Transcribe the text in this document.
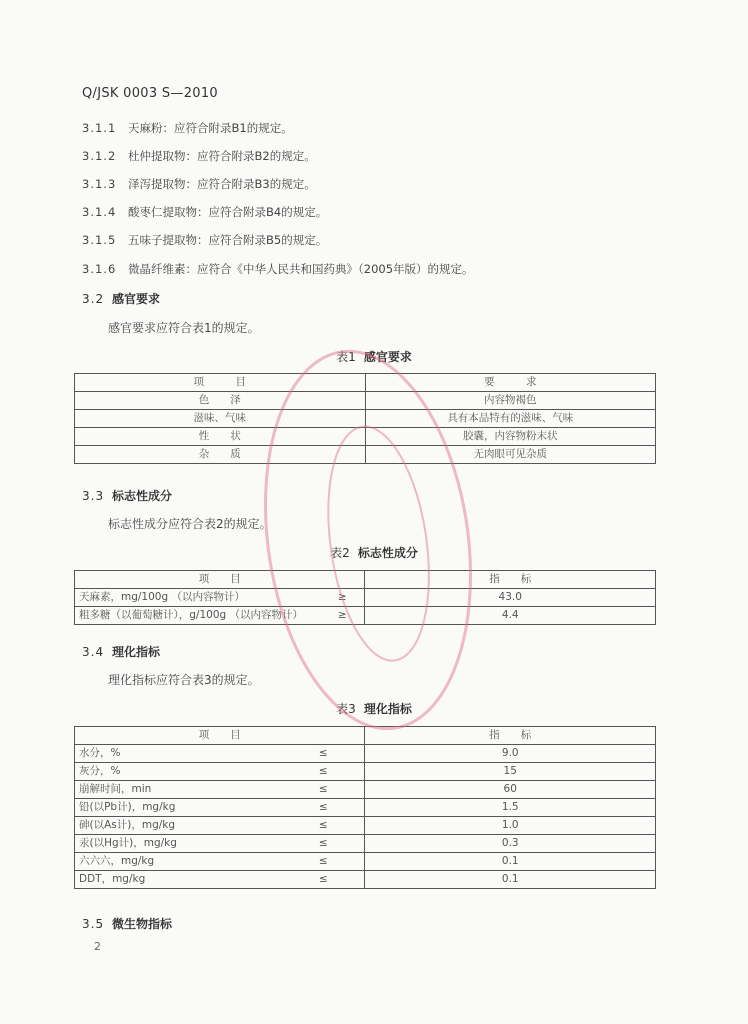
Q/JSK 0003 S—2010
3.1.1 天麻粉：应符合附录B1的规定。
3.1.2 杜仲提取物：应符合附录B2的规定。
3.1.3 泽泻提取物：应符合附录B3的规定。
3.1.4 酸枣仁提取物：应符合附录B4的规定。
3.1.5 五味子提取物：应符合附录B5的规定。
3.1.6 微晶纤维素：应符合《中华人民共和国药典》（2005年版）的规定。
3.2 感官要求
感官要求应符合表1的规定。
表1 感官要求
项　　　目	要　　　求
色　　泽	内容物褐色
滋味、气味	具有本品特有的滋味、气味
性　　状	胶囊，内容物粉末状
杂　　质	无肉眼可见杂质
3.3 标志性成分
标志性成分应符合表2的规定。
表2 标志性成分
项　　目		指　　标
天麻素，mg/100g （以内容物计）	≥	43.0
粗多糖（以葡萄糖计），g/100g （以内容物计）	≥	4.4
3.4 理化指标
理化指标应符合表3的规定。
表3 理化指标
项　　目		指　　标
水分，%	≤	9.0
灰分，%	≤	15
崩解时间，min	≤	60
铅(以Pb计)，mg/kg	≤	1.5
砷(以As计)，mg/kg	≤	1.0
汞(以Hg计)，mg/kg	≤	0.3
六六六，mg/kg	≤	0.1
DDT，mg/kg	≤	0.1
3.5 微生物指标
2
